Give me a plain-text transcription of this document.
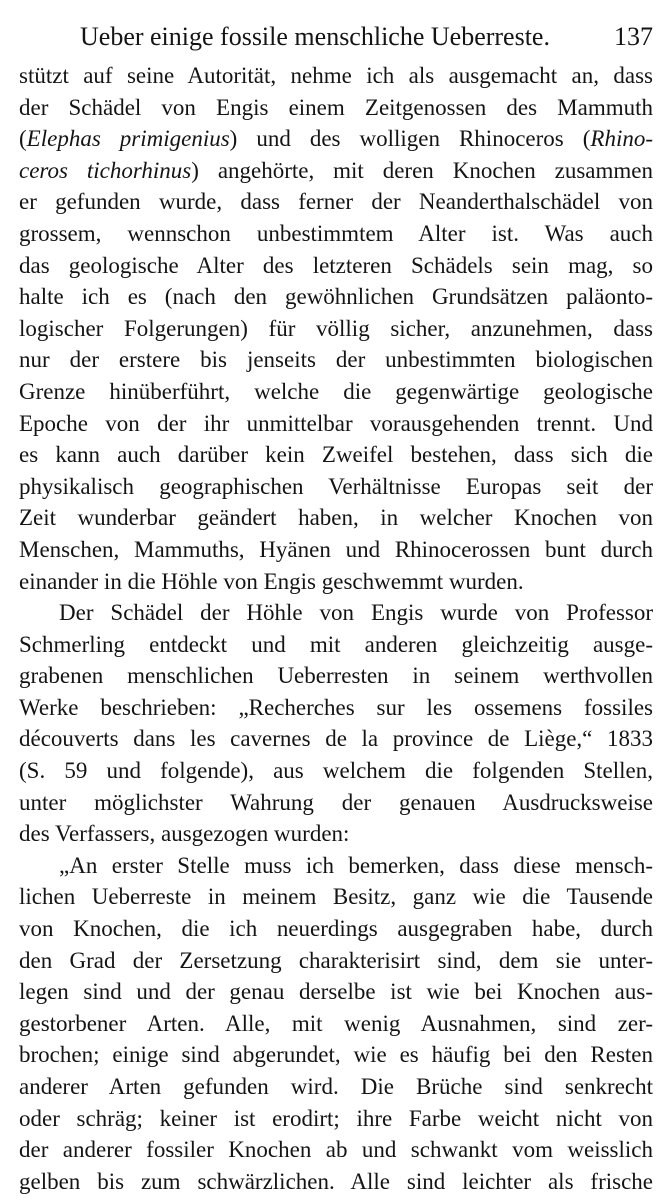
Ueber einige fossile menschliche Ueberreste. 137
stützt auf seine Autorität, nehme ich als ausgemacht an, dass
der Schädel von Engis einem Zeitgenossen des Mammuth
(Elephas primigenius) und des wolligen Rhinoceros (Rhino-
ceros tichorhinus) angehörte, mit deren Knochen zusammen
er gefunden wurde, dass ferner der Neanderthalschädel von
grossem, wennschon unbestimmtem Alter ist. Was auch
das geologische Alter des letzteren Schädels sein mag, so
halte ich es (nach den gewöhnlichen Grundsätzen paläonto-
logischer Folgerungen) für völlig sicher, anzunehmen, dass
nur der erstere bis jenseits der unbestimmten biologischen
Grenze hinüberführt, welche die gegenwärtige geologische
Epoche von der ihr unmittelbar vorausgehenden trennt. Und
es kann auch darüber kein Zweifel bestehen, dass sich die
physikalisch geographischen Verhältnisse Europas seit der
Zeit wunderbar geändert haben, in welcher Knochen von
Menschen, Mammuths, Hyänen und Rhinocerossen bunt durch
einander in die Höhle von Engis geschwemmt wurden.
Der Schädel der Höhle von Engis wurde von Professor
Schmerling entdeckt und mit anderen gleichzeitig ausge-
grabenen menschlichen Ueberresten in seinem werthvollen
Werke beschrieben: „Recherches sur les ossemens fossiles
découverts dans les cavernes de la province de Liège,“ 1833
(S. 59 und folgende), aus welchem die folgenden Stellen,
unter möglichster Wahrung der genauen Ausdrucksweise
des Verfassers, ausgezogen wurden:
„An erster Stelle muss ich bemerken, dass diese mensch-
lichen Ueberreste in meinem Besitz, ganz wie die Tausende
von Knochen, die ich neuerdings ausgegraben habe, durch
den Grad der Zersetzung charakterisirt sind, dem sie unter-
legen sind und der genau derselbe ist wie bei Knochen aus-
gestorbener Arten. Alle, mit wenig Ausnahmen, sind zer-
brochen; einige sind abgerundet, wie es häufig bei den Resten
anderer Arten gefunden wird. Die Brüche sind senkrecht
oder schräg; keiner ist erodirt; ihre Farbe weicht nicht von
der anderer fossiler Knochen ab und schwankt vom weisslich
gelben bis zum schwärzlichen. Alle sind leichter als frische
